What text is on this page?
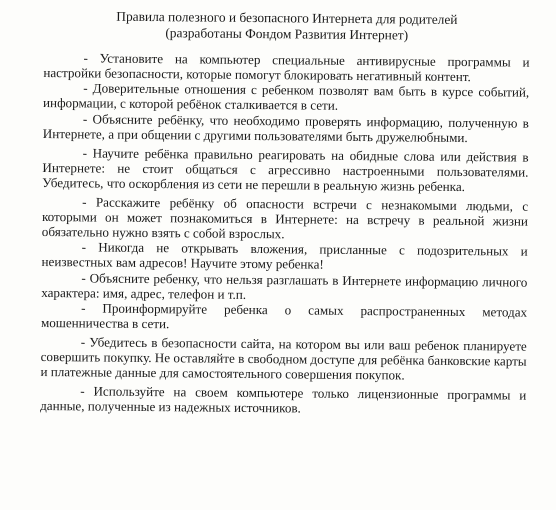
Правила полезного и безопасного Интернета для родителей
(разработаны Фондом Развития Интернет)
- Установите на компьютер специальные антивирусные программы и настройки безопасности, которые помогут блокировать негативный контент.
- Доверительные отношения с ребенком позволят вам быть в курсе событий, информации, с которой ребёнок сталкивается в сети.
- Объясните ребёнку, что необходимо проверять информацию, полученную в Интернете, а при общении с другими пользователями быть дружелюбными.
- Научите ребёнка правильно реагировать на обидные слова или действия в Интернете: не стоит общаться с агрессивно настроенными пользователями. Убедитесь, что оскорбления из сети не перешли в реальную жизнь ребенка.
- Расскажите ребёнку об опасности встречи с незнакомыми людьми, с которыми он может познакомиться в Интернете: на встречу в реальной жизни обязательно нужно взять с собой взрослых.
- Никогда не открывать вложения, присланные с подозрительных и неизвестных вам адресов! Научите этому ребенка!
- Объясните ребенку, что нельзя разглашать в Интернете информацию личного характера: имя, адрес, телефон и т.п.
- Проинформируйте ребенка о самых распространенных методах мошенничества в сети.
- Убедитесь в безопасности сайта, на котором вы или ваш ребенок планируете совершить покупку. Не оставляйте в свободном доступе для ребёнка банковские карты и платежные данные для самостоятельного совершения покупок.
- Используйте на своем компьютере только лицензионные программы и данные, полученные из надежных источников.
